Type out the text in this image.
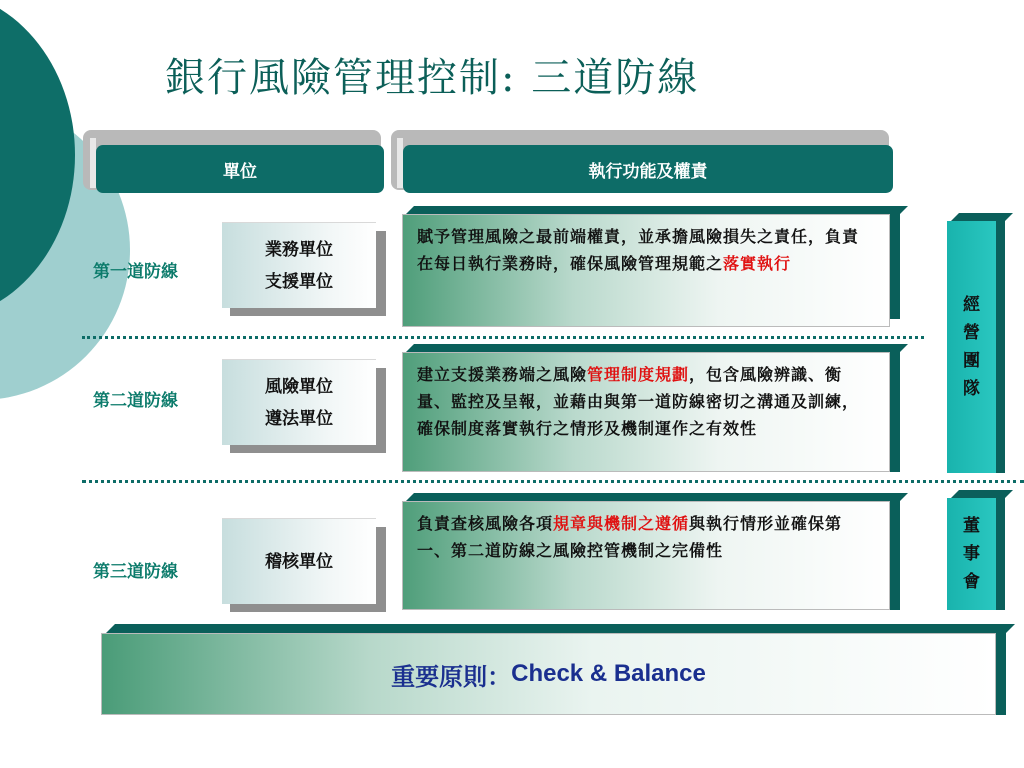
銀行風險管理控制: 三道防線
單位	執行功能及權責
第一道防線
業務單位
支援單位
賦予管理風險之最前端權責，並承擔風險損失之責任，負責在每日執行業務時，確保風險管理規範之落實執行
第二道防線
風險單位
遵法單位
建立支援業務端之風險管理制度規劃，包含風險辨識、衡量、監控及呈報，並藉由與第一道防線密切之溝通及訓練，確保制度落實執行之情形及機制運作之有效性
第三道防線
稽核單位
負責查核風險各項規章與機制之遵循與執行情形並確保第一、第二道防線之風險控管機制之完備性
經
營
團
隊
董
事
會
重要原則： Check & Balance
